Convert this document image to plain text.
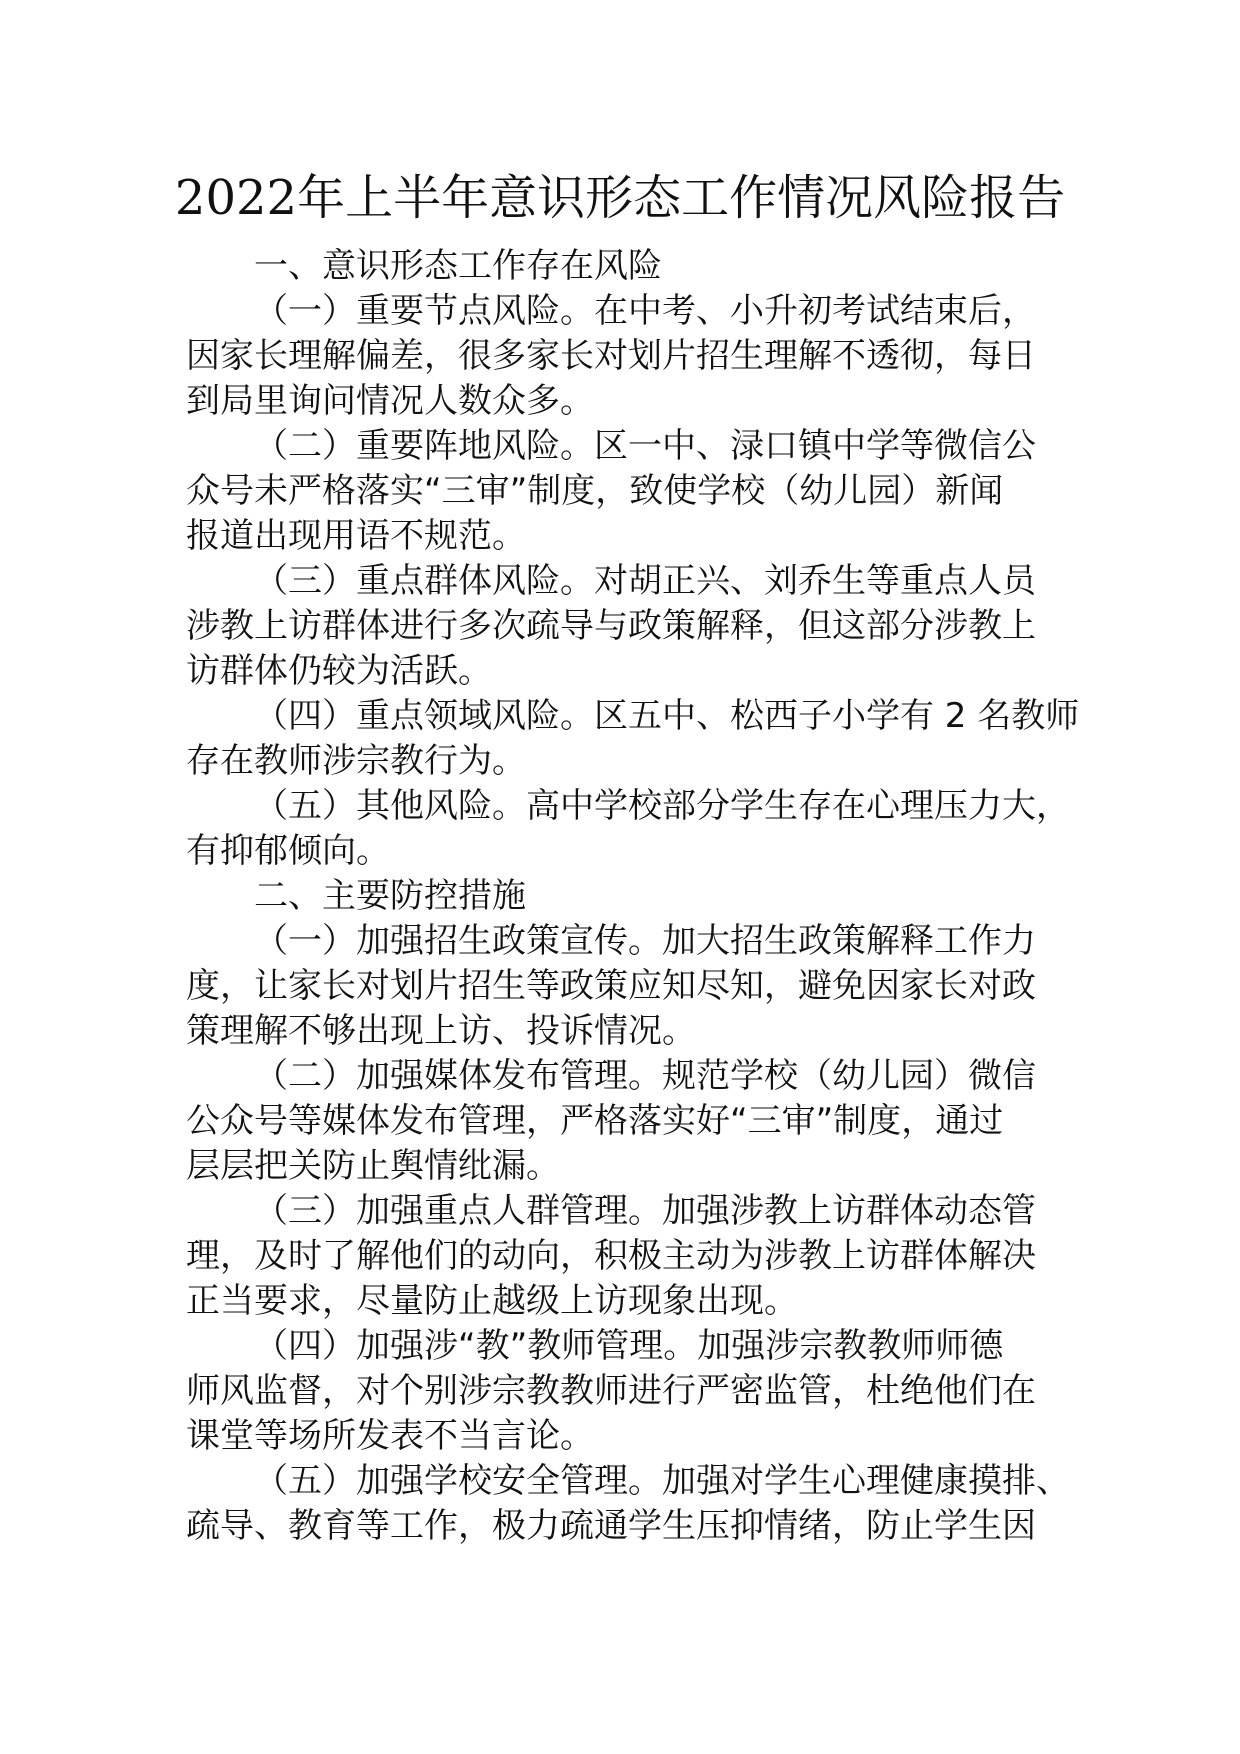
2022年上半年意识形态工作情况风险报告

一、意识形态工作存在风险

（一）重要节点风险。在中考、小升初考试结束后，
因家长理解偏差，很多家长对划片招生理解不透彻，每日
到局里询问情况人数众多。

（二）重要阵地风险。区一中、渌口镇中学等微信公
众号未严格落实“三审”制度，致使学校（幼儿园）新闻
报道出现用语不规范。

（三）重点群体风险。对胡正兴、刘乔生等重点人员
涉教上访群体进行多次疏导与政策解释，但这部分涉教上
访群体仍较为活跃。

（四）重点领域风险。区五中、松西子小学有 2 名教师
存在教师涉宗教行为。

（五）其他风险。高中学校部分学生存在心理压力大，
有抑郁倾向。

二、主要防控措施

（一）加强招生政策宣传。加大招生政策解释工作力
度，让家长对划片招生等政策应知尽知，避免因家长对政
策理解不够出现上访、投诉情况。

（二）加强媒体发布管理。规范学校（幼儿园）微信
公众号等媒体发布管理，严格落实好“三审”制度，通过
层层把关防止舆情纰漏。

（三）加强重点人群管理。加强涉教上访群体动态管
理，及时了解他们的动向，积极主动为涉教上访群体解决
正当要求，尽量防止越级上访现象出现。

（四）加强涉“教”教师管理。加强涉宗教教师师德
师风监督，对个别涉宗教教师进行严密监管，杜绝他们在
课堂等场所发表不当言论。

（五）加强学校安全管理。加强对学生心理健康摸排、
疏导、教育等工作，极力疏通学生压抑情绪，防止学生因
